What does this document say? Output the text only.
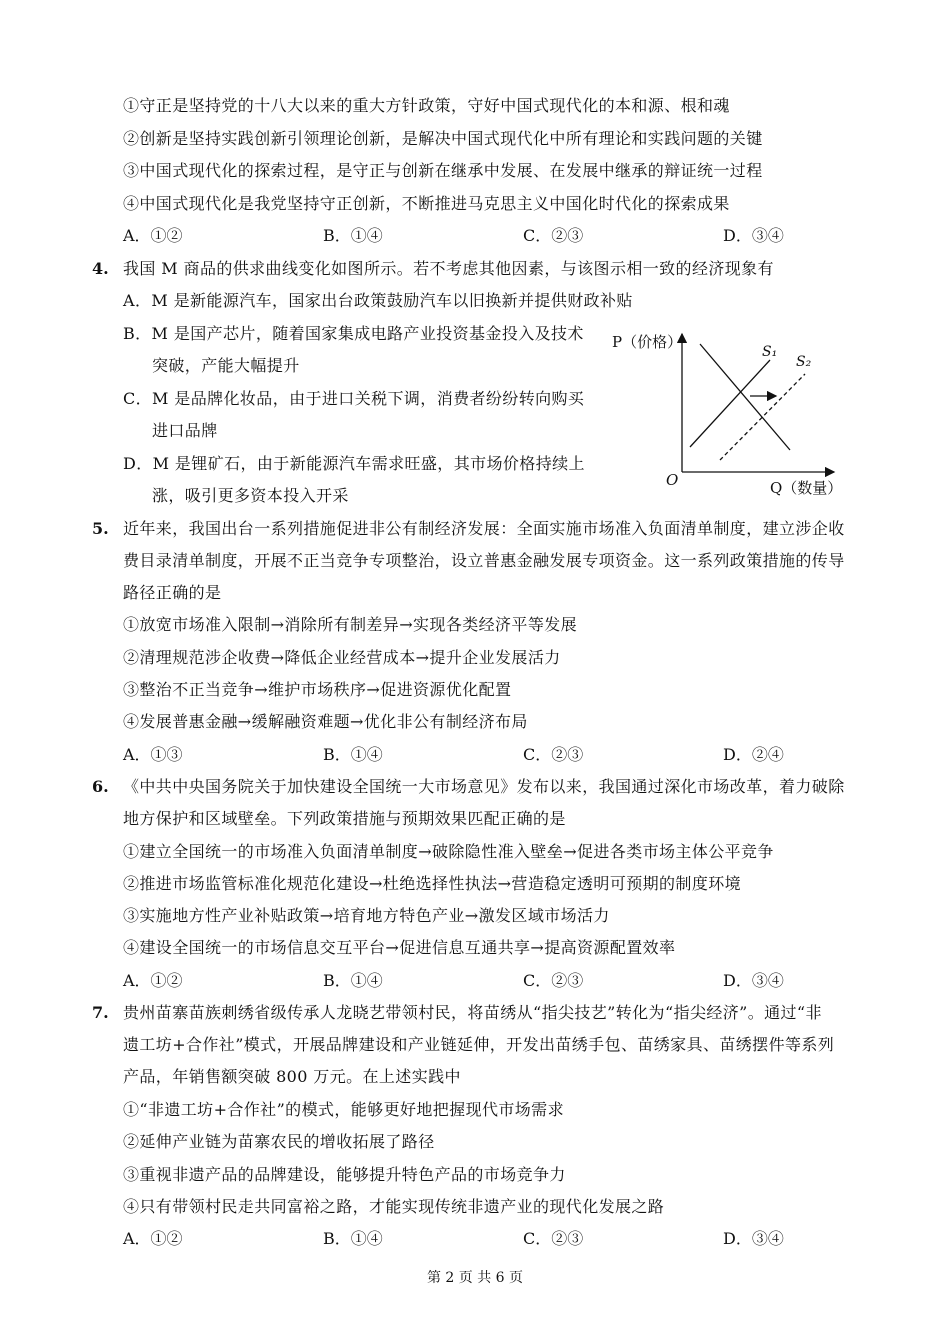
①守正是坚持党的十八大以来的重大方针政策，守好中国式现代化的本和源、根和魂
②创新是坚持实践创新引领理论创新，是解决中国式现代化中所有理论和实践问题的关键
③中国式现代化的探索过程，是守正与创新在继承中发展、在发展中继承的辩证统一过程
④中国式现代化是我党坚持守正创新，不断推进马克思主义中国化时代化的探索成果
A．①②	B．①④	C．②③	D．③④
4. 我国 M 商品的供求曲线变化如图所示。若不考虑其他因素，与该图示相一致的经济现象有
A．M 是新能源汽车，国家出台政策鼓励汽车以旧换新并提供财政补贴
B．M 是国产芯片，随着国家集成电路产业投资基金投入及技术
突破，产能大幅提升
C．M 是品牌化妆品，由于进口关税下调，消费者纷纷转向购买
进口品牌
D．M 是锂矿石，由于新能源汽车需求旺盛，其市场价格持续上
涨，吸引更多资本投入开采
P（价格）
Q（数量）
O
S₁
S₂
5. 近年来，我国出台一系列措施促进非公有制经济发展：全面实施市场准入负面清单制度，建立涉企收
费目录清单制度，开展不正当竞争专项整治，设立普惠金融发展专项资金。这一系列政策措施的传导
路径正确的是
①放宽市场准入限制→消除所有制差异→实现各类经济平等发展
②清理规范涉企收费→降低企业经营成本→提升企业发展活力
③整治不正当竞争→维护市场秩序→促进资源优化配置
④发展普惠金融→缓解融资难题→优化非公有制经济布局
A．①③	B．①④	C．②③	D．②④
6. 《中共中央国务院关于加快建设全国统一大市场意见》发布以来，我国通过深化市场改革，着力破除
地方保护和区域壁垒。下列政策措施与预期效果匹配正确的是
①建立全国统一的市场准入负面清单制度→破除隐性准入壁垒→促进各类市场主体公平竞争
②推进市场监管标准化规范化建设→杜绝选择性执法→营造稳定透明可预期的制度环境
③实施地方性产业补贴政策→培育地方特色产业→激发区域市场活力
④建设全国统一的市场信息交互平台→促进信息互通共享→提高资源配置效率
A．①②	B．①④	C．②③	D．③④
7. 贵州苗寨苗族刺绣省级传承人龙晓艺带领村民，将苗绣从“指尖技艺”转化为“指尖经济”。通过“非
遗工坊+合作社”模式，开展品牌建设和产业链延伸，开发出苗绣手包、苗绣家具、苗绣摆件等系列
产品，年销售额突破 800 万元。在上述实践中
①“非遗工坊+合作社”的模式，能够更好地把握现代市场需求
②延伸产业链为苗寨农民的增收拓展了路径
③重视非遗产品的品牌建设，能够提升特色产品的市场竞争力
④只有带领村民走共同富裕之路，才能实现传统非遗产业的现代化发展之路
A．①②	B．①④	C．②③	D．③④
第 2 页 共 6 页
